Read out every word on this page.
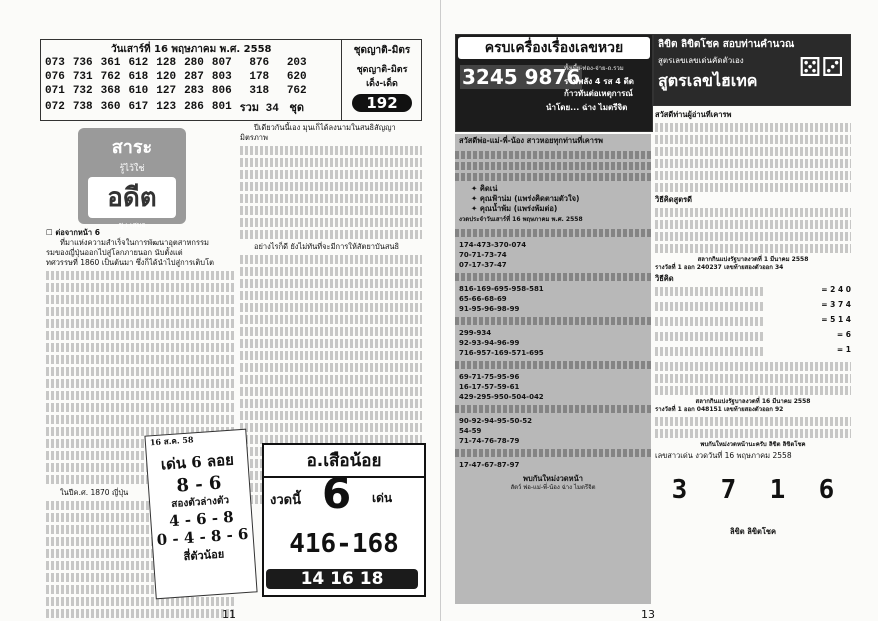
วันเสาร์ที่ 16 พฤษภาคม พ.ศ. 2558
073	736	361	612	128	280	807	876	203
076	731	762	618	120	287	803	178	620
071	732	368	610	127	283	806	318	762
072	738	360	617	123	286	801	รวม 34	ชุด
ชุดญาติ-มิตร
ชุดญาติ-มิตร
เด็ง-เด็ด
192
สาระ
รู้ไว้ใช่
อดีต
ชู เ เสมอ
☐ ต่อจากหน้า 6
ที่มาแห่งความสำเร็จในการพัฒนาอุตสาหกรรม
รมของญี่ปุ่นออกไปสู่โลกภายนอก นับตั้งแต่
ทศวรรษที่ 1860 เป็นต้นมา ซึ่งก็ได้นำไปสู่การเติบโต
ในปีค.ศ. 1870 ญี่ปุ่น
ปีเดียวกันนี้เอง มุนเก็ได้ลงนามในสนธิสัญญามิตรภาพ
อย่างไรก็ดี ยังไม่ทันที่จะมีการให้สัตยาบันสนธิ
16 ส.ค. 58
เด่น 6 ลอย
8 - 6
สองตัวล่างตัว
4 - 6 - 8
0 - 4 - 8 - 6
สี่ตัวน้อย
อ.เสือน้อย
งวดนี้ 6 เด่น
416-168
14 16 18
11
ครบเครื่องเรื่องเลขหวย
3245 9876
ทั้งเบี้ย-ท่อง-จ่าย-ถ.รวม
รวมพลัง 4 รส 4 ดีด
ก้าวทันต่อเหตุการณ์
นำโดย... ฉ่าง ไมตรีจิต
ลิขิต ลิขิตโชค สอบท่านคำนวณ
สูตรเลขเลขเด่นคัดตัวเอง
สูตรเลขไฮเทค	⚄⚂
สวัสดีพ่อ-แม่-พี่-น้อง สาวหอยทุกท่านที่เคารพ
✦ คิดเน่
✦ คุณฟ้าน่ม (แพร่งคิดตามตัวใจ)
✦ คุณน้ำพ้ม (แพร่งพ้มต่อ)
งวดประจำวันเสาร์ที่ 16 พฤษภาคม พ.ศ. 2558
174-473-370-074
70-71-73-74
07-17-37-47
816-169-695-958-581
65-66-68-69
91-95-96-98-99
299-934
92-93-94-96-99
716-957-169-571-695
69-71-75-95-96
16-17-57-59-61
429-295-950-504-042
90-92-94-95-50-52
54-59
71-74-76-78-79
17-47-67-87-97
พบกันใหม่งวดหน้า
สัตว์ พ่อ-แม่-พี่-น้อง ฉ่าง ไมตรีจิต
สวัสดีท่านผู้อ่านที่เคารพ
วิธีคิดสูตรดี
สลากกินแบ่งรัฐบาลงวดที่ 1 มีนาคม 2558
รางวัลที่ 1 ออก 240237 เลขท้ายสองตัวออก 34
วิธีคิด
= 2 4 0
= 3 7 4
= 5 1 4
= 6
= 1
สลากกินแบ่งรัฐบาลงวดที่ 16 มีนาคม 2558
รางวัลที่ 1 ออก 048151 เลขท้ายสองตัวออก 92
พบกันใหม่งวดหน้านะครับ ลิขิต ลิขิตโชค
เลขสาวเด่น งวดวันที่ 16 พฤษภาคม 2558
3 7 1 6
ลิขิต ลิขิตโชค
13
